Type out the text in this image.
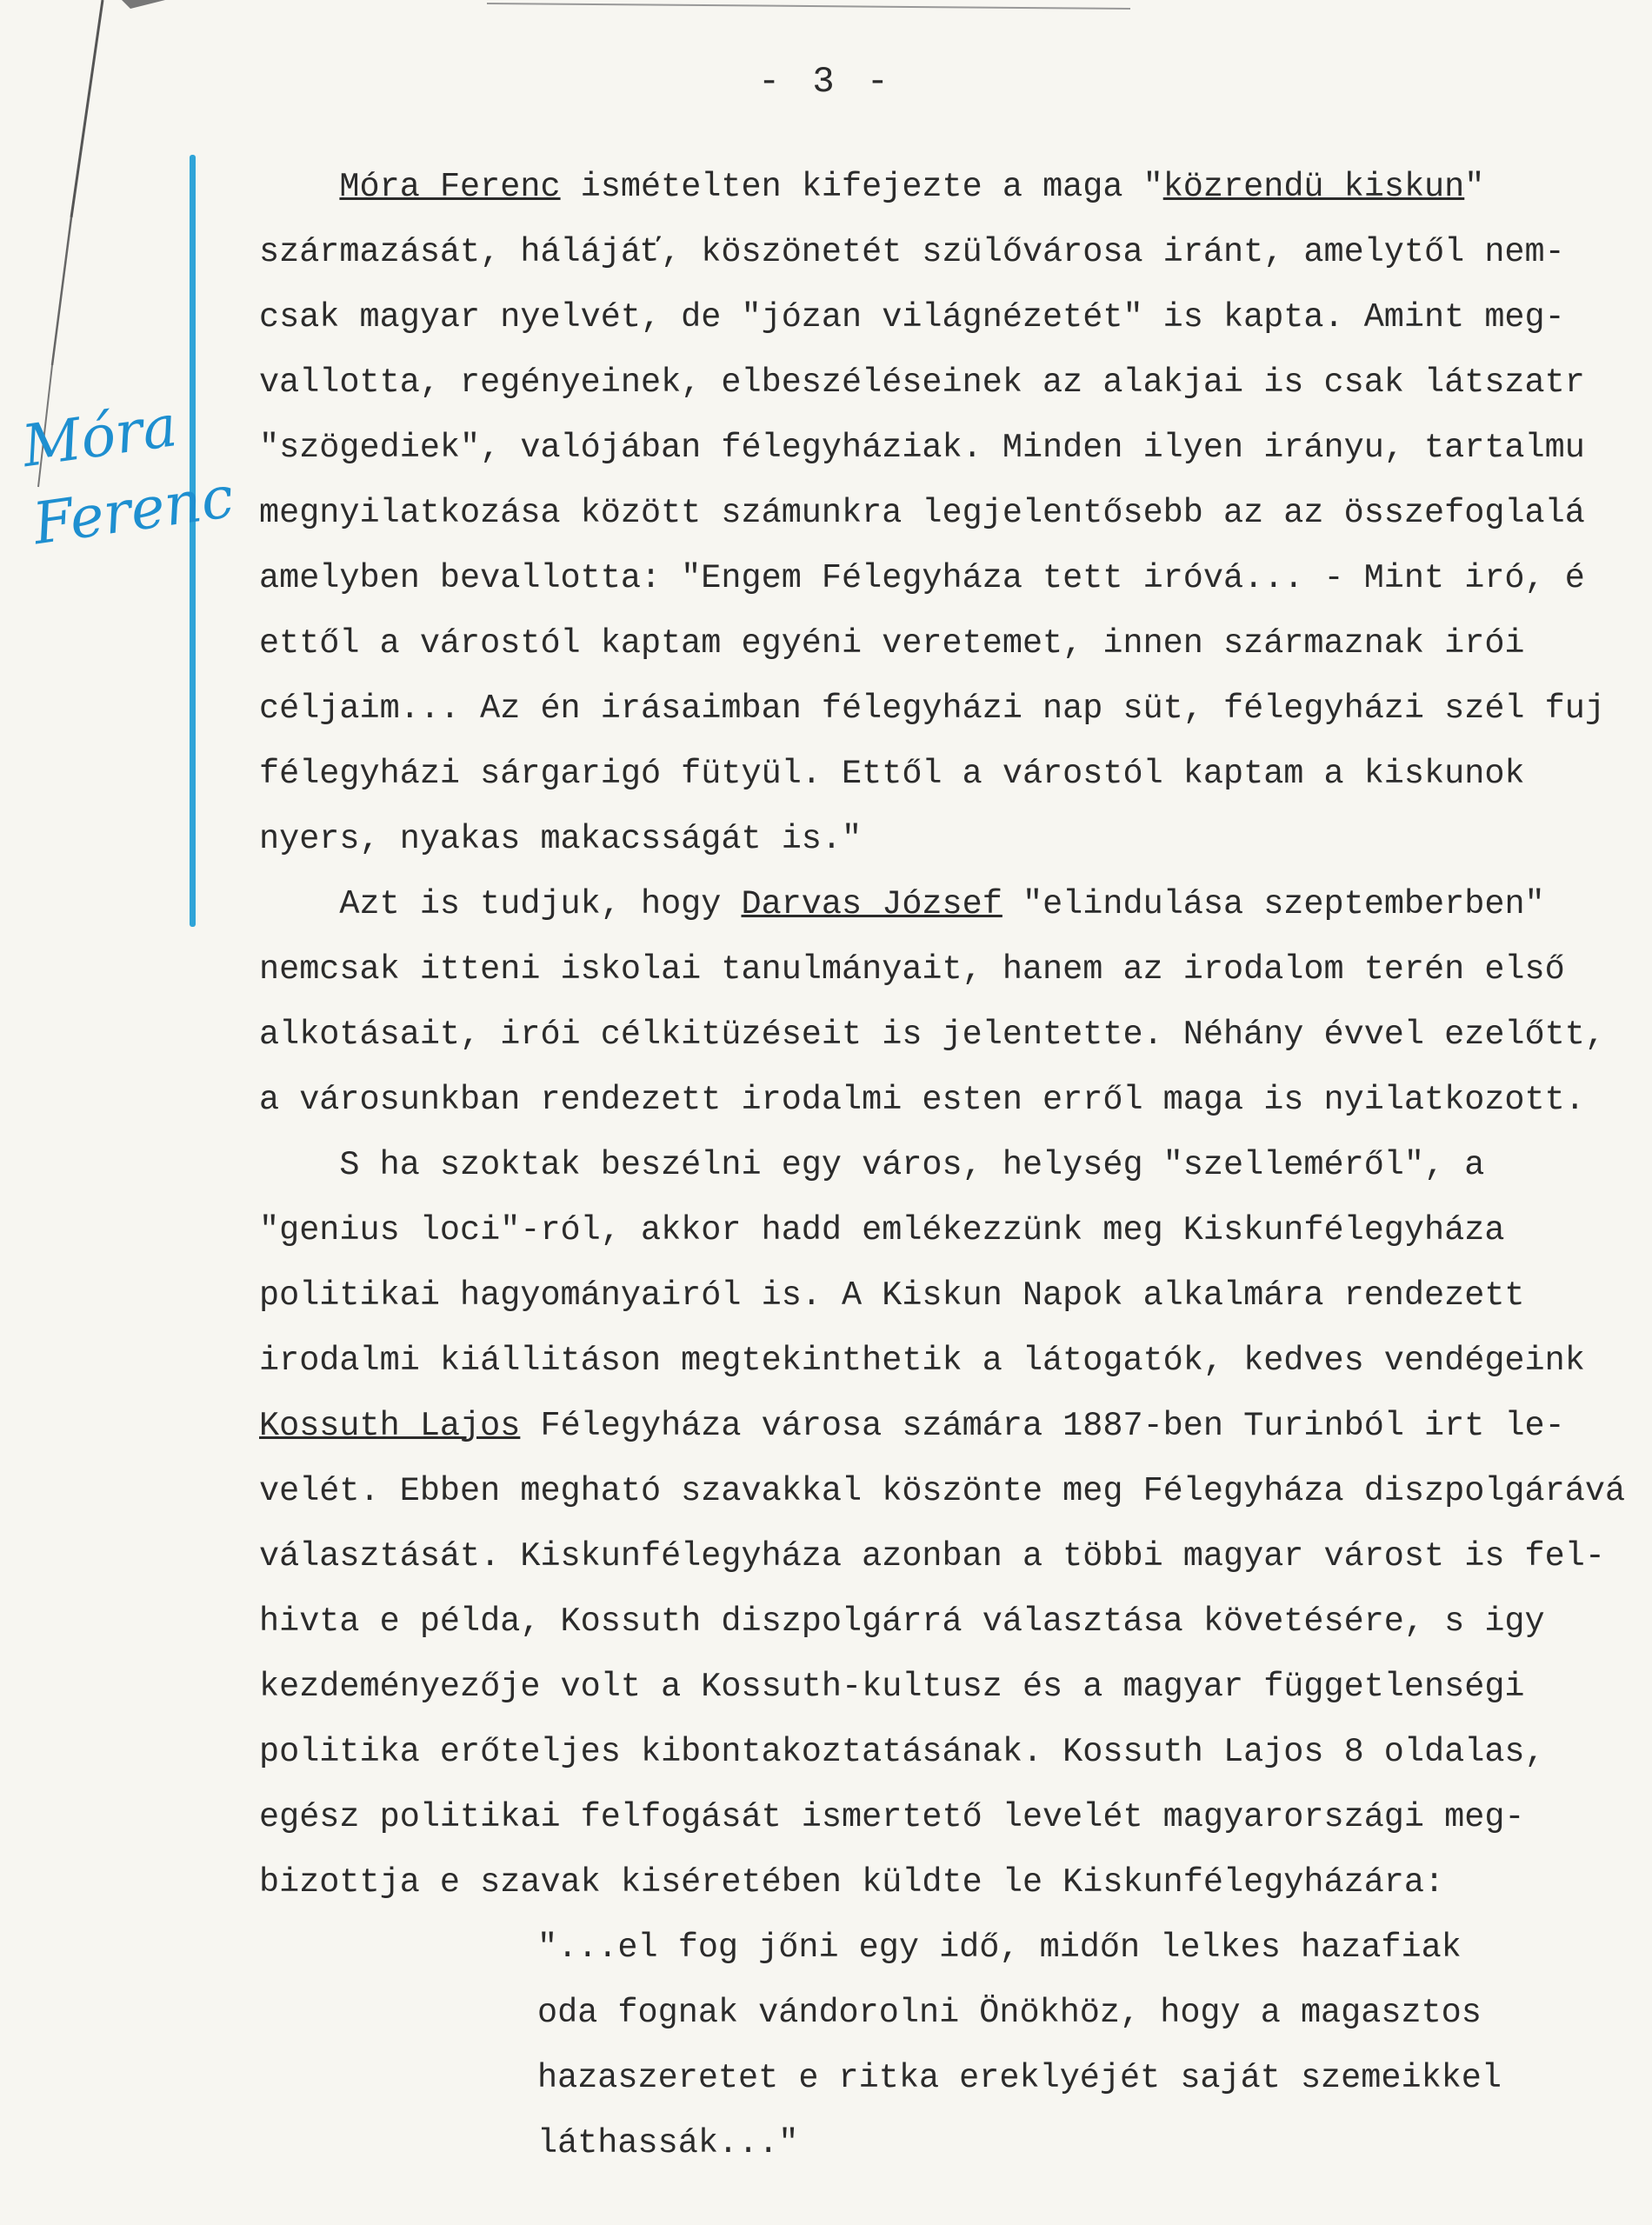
- 3 -
Móra
Ferenc
Móra Ferenc ismételten kifejezte a maga "közrendü kiskun"
származását, hálájáť, köszönetét szülővárosa iránt, amelytől nem-
csak magyar nyelvét, de "józan világnézetét" is kapta. Amint meg-
vallotta, regényeinek, elbeszéléseinek az alakjai is csak látszatr
"szögediek", valójában félegyháziak. Minden ilyen irányu, tartalmu
megnyilatkozása között számunkra legjelentősebb az az összefoglalá
amelyben bevallotta: "Engem Félegyháza tett iróvá... - Mint iró, é
ettől a várostól kaptam egyéni veretemet, innen származnak irói
céljaim... Az én irásaimban félegyházi nap süt, félegyházi szél fuj
félegyházi sárgarigó fütyül. Ettől a várostól kaptam a kiskunok
nyers, nyakas makacsságát is."
Azt is tudjuk, hogy Darvas József "elindulása szeptemberben"
nemcsak itteni iskolai tanulmányait, hanem az irodalom terén első
alkotásait, irói célkitüzéseit is jelentette. Néhány évvel ezelőtt,
a városunkban rendezett irodalmi esten erről maga is nyilatkozott.
S ha szoktak beszélni egy város, helység "szelleméről", a
"genius loci"-ról, akkor hadd emlékezzünk meg Kiskunfélegyháza
politikai hagyományairól is. A Kiskun Napok alkalmára rendezett
irodalmi kiállitáson megtekinthetik a látogatók, kedves vendégeink
Kossuth Lajos Félegyháza városa számára 1887-ben Turinból irt le-
velét. Ebben megható szavakkal köszönte meg Félegyháza diszpolgárává
választását. Kiskunfélegyháza azonban a többi magyar várost is fel-
hivta e példa, Kossuth diszpolgárrá választása követésére, s igy
kezdeményezője volt a Kossuth-kultusz és a magyar függetlenségi
politika erőteljes kibontakoztatásának. Kossuth Lajos 8 oldalas,
egész politikai felfogását ismertető levelét magyarországi meg-
bizottja e szavak kiséretében küldte le Kiskunfélegyházára:
"...el fog jőni egy idő, midőn lelkes hazafiak
oda fognak vándorolni Önökhöz, hogy a magasztos
hazaszeretet e ritka ereklyéjét saját szemeikkel
láthassák..."
